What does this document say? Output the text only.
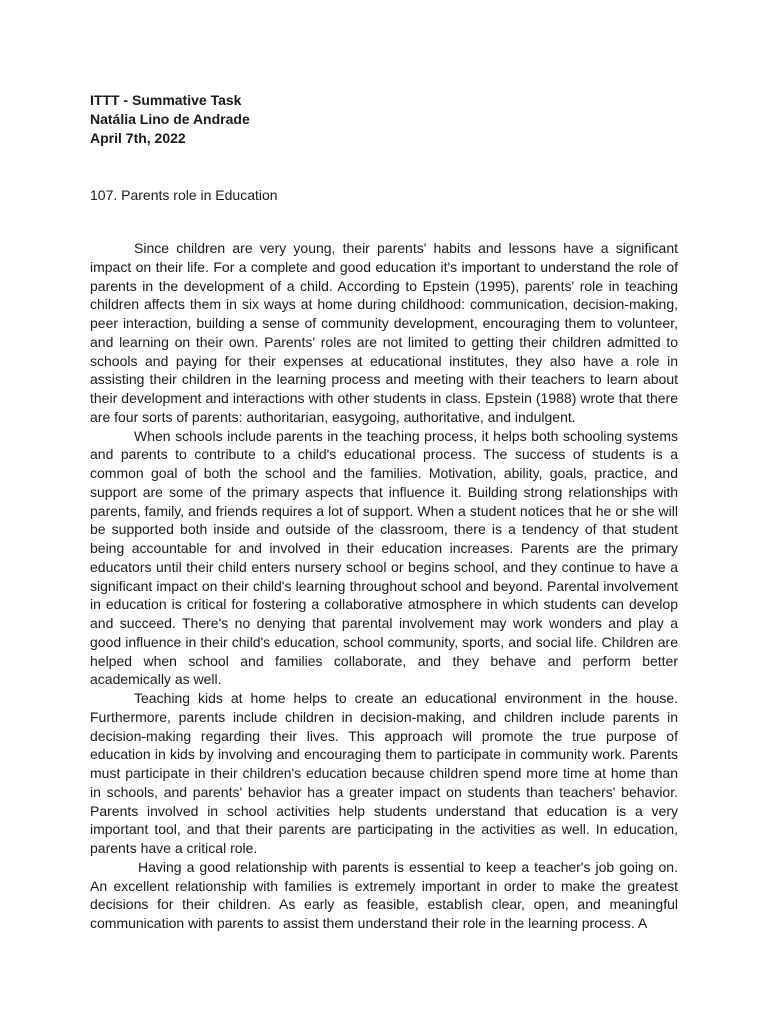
ITTT - Summative Task

Natália Lino de Andrade

April 7th, 2022

107. Parents role in Education

Since children are very young, their parents' habits and lessons have a significant impact on their life. For a complete and good education it's important to understand the role of parents in the development of a child. According to Epstein (1995), parents' role in teaching children affects them in six ways at home during childhood: communication, decision-making, peer interaction, building a sense of community development, encouraging them to volunteer, and learning on their own. Parents' roles are not limited to getting their children admitted to schools and paying for their expenses at educational institutes, they also have a role in assisting their children in the learning process and meeting with their teachers to learn about their development and interactions with other students in class. Epstein (1988) wrote that there are four sorts of parents: authoritarian, easygoing, authoritative, and indulgent.

When schools include parents in the teaching process, it helps both schooling systems and parents to contribute to a child's educational process. The success of students is a common goal of both the school and the families. Motivation, ability, goals, practice, and support are some of the primary aspects that influence it. Building strong relationships with parents, family, and friends requires a lot of support. When a student notices that he or she will be supported both inside and outside of the classroom, there is a tendency of that student being accountable for and involved in their education increases. Parents are the primary educators until their child enters nursery school or begins school, and they continue to have a significant impact on their child's learning throughout school and beyond. Parental involvement in education is critical for fostering a collaborative atmosphere in which students can develop and succeed. There's no denying that parental involvement may work wonders and play a good influence in their child's education, school community, sports, and social life. Children are helped when school and families collaborate, and they behave and perform better academically as well.

Teaching kids at home helps to create an educational environment in the house. Furthermore, parents include children in decision-making, and children include parents in decision-making regarding their lives. This approach will promote the true purpose of education in kids by involving and encouraging them to participate in community work. Parents must participate in their children's education because children spend more time at home than in schools, and parents' behavior has a greater impact on students than teachers' behavior. Parents involved in school activities help students understand that education is a very important tool, and that their parents are participating in the activities as well. In education, parents have a critical role.

Having a good relationship with parents is essential to keep a teacher's job going on. An excellent relationship with families is extremely important in order to make the greatest decisions for their children. As early as feasible, establish clear, open, and meaningful communication with parents to assist them understand their role in the learning process. A
